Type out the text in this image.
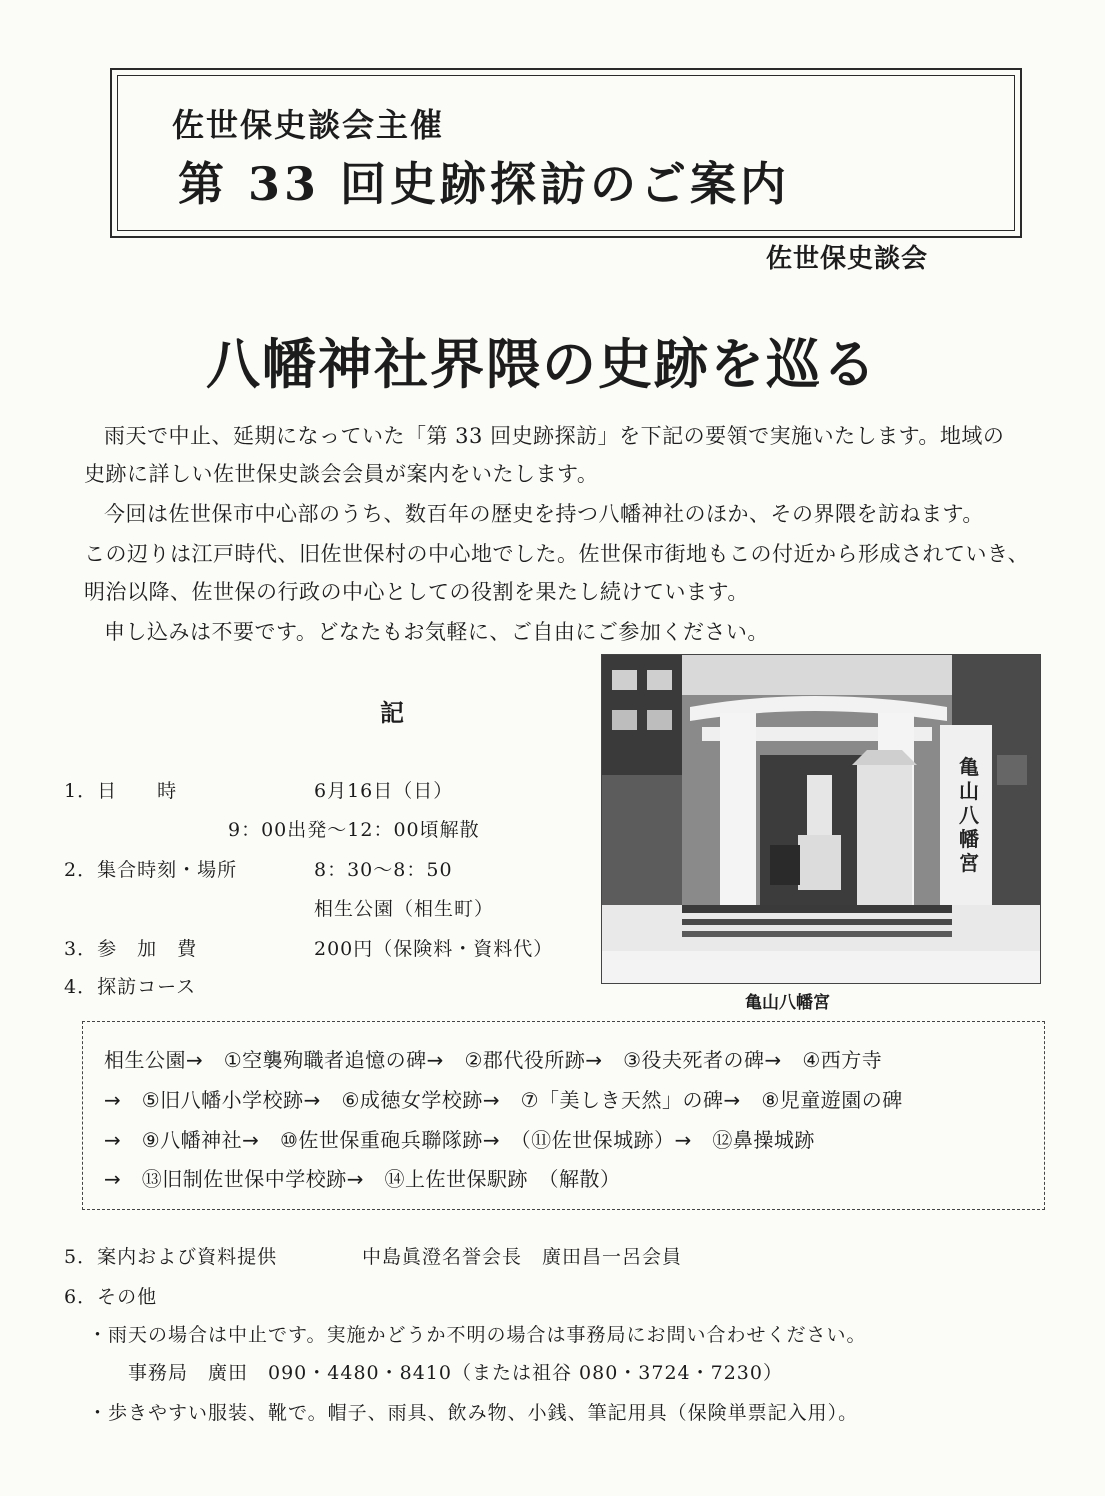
佐世保史談会主催
第 33 回史跡探訪のご案内
佐世保史談会
八幡神社界隈の史跡を巡る
雨天で中止、延期になっていた「第 33 回史跡探訪」を下記の要領で実施いたします。地域の
史跡に詳しい佐世保史談会会員が案内をいたします。
今回は佐世保市中心部のうち、数百年の歴史を持つ八幡神社のほか、その界隈を訪ねます。
この辺りは江戸時代、旧佐世保村の中心地でした。佐世保市街地もこの付近から形成されていき、
明治以降、佐世保の行政の中心としての役割を果たし続けています。
申し込みは不要です。どなたもお気軽に、ご自由にご参加ください。
記
1．日　　時	6月16日（日）
9：00出発～12：00頃解散
2．集合時刻・場所	8：30～8：50
相生公園（相生町）
3．参　加　費	200円（保険料・資料代）
4．探訪コース
亀山八幡宮
亀山八幡宮
相生公園→　①空襲殉職者追憶の碑→　②郡代役所跡→　③役夫死者の碑→　④西方寺
→　⑤旧八幡小学校跡→　⑥成徳女学校跡→　⑦「美しき天然」の碑→　⑧児童遊園の碑
→　⑨八幡神社→　⑩佐世保重砲兵聯隊跡→　（⑪佐世保城跡）→　⑫鼻操城跡
→　⑬旧制佐世保中学校跡→　⑭上佐世保駅跡　（解散）
5．案内および資料提供	中島眞澄名誉会長　廣田昌一呂会員
6．その他
・雨天の場合は中止です。実施かどうか不明の場合は事務局にお問い合わせください。
事務局　廣田　090・4480・8410（または祖谷 080・3724・7230）
・歩きやすい服装、靴で。帽子、雨具、飲み物、小銭、筆記用具（保険単票記入用）。
